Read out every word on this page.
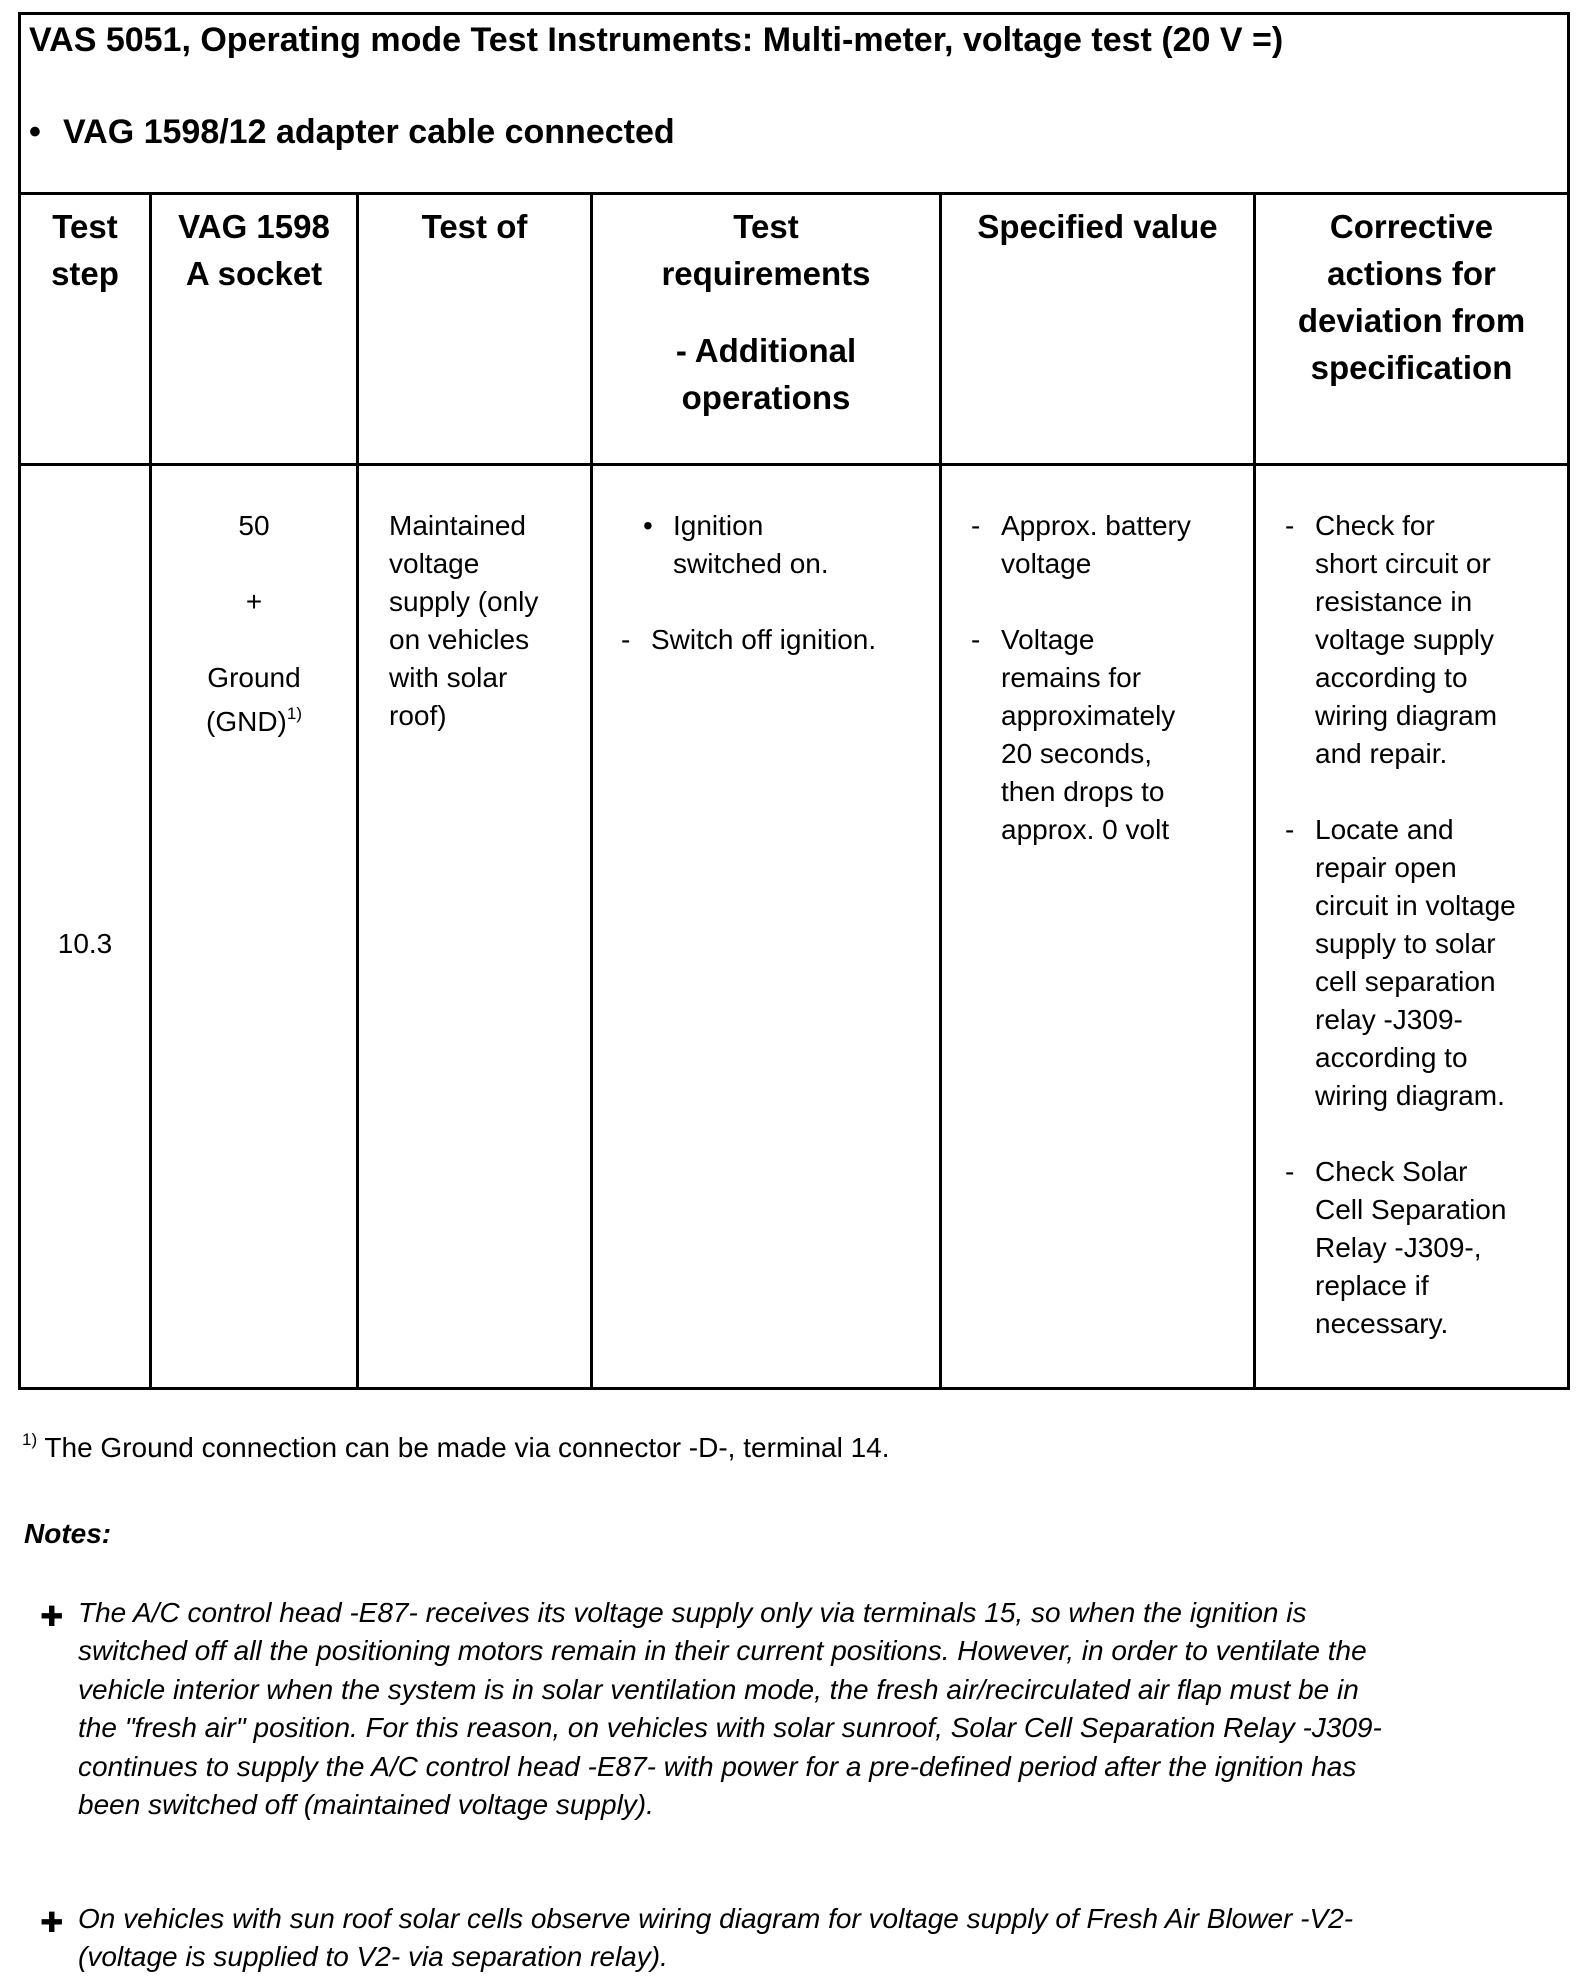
VAS 5051, Operating mode Test Instruments: Multi-meter, voltage test (20 V =)
• VAG 1598/12 adapter cable connected
Test
step
VAG 1598
A socket
Test of	Test
requirements
- Additional
operations
Specified value	Corrective
actions for
deviation from
specification
10.3
50
+
Ground
(GND)$^{1)}$
Maintained
voltage
supply (only
on vehicles
with solar
roof)
• Ignition
switched on.
- Switch off ignition.
- Approx. battery
voltage
- Voltage
remains for
approximately
20 seconds,
then drops to
approx. 0 volt
- Check for
short circuit or
resistance in
voltage supply
according to
wiring diagram
and repair.
- Locate and
repair open
circuit in voltage
supply to solar
cell separation
relay -J309-
according to
wiring diagram.
- Check Solar
Cell Separation
Relay -J309-,
replace if
necessary.
$^{1)}$ The Ground connection can be made via connector -D-, terminal 14.
Notes:
✚ The A/C control head -E87- receives its voltage supply only via terminals 15, so when the ignition is switched off all the positioning motors remain in their current positions. However, in order to ventilate the vehicle interior when the system is in solar ventilation mode, the fresh air/recirculated air flap must be in the "fresh air" position. For this reason, on vehicles with solar sunroof, Solar Cell Separation Relay -J309- continues to supply the A/C control head -E87- with power for a pre-defined period after the ignition has been switched off (maintained voltage supply).
✚ On vehicles with sun roof solar cells observe wiring diagram for voltage supply of Fresh Air Blower -V2- (voltage is supplied to V2- via separation relay).
